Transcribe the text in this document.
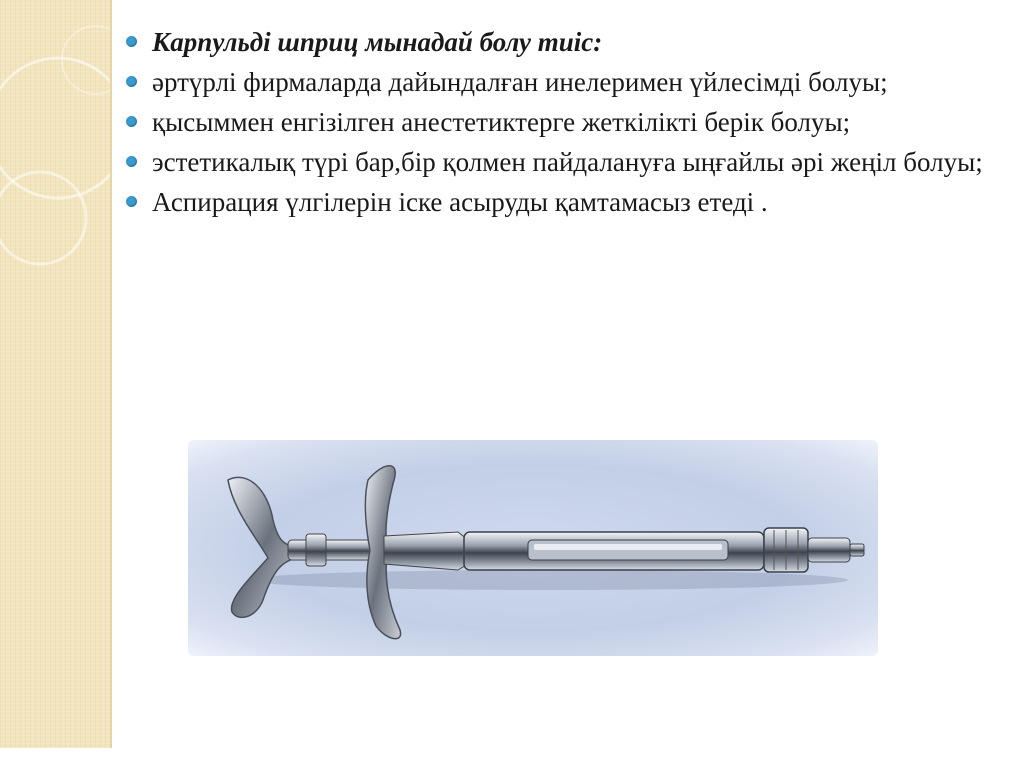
Карпульді шприц мынадай болу тиіс:
әртүрлі фирмаларда дайындалған инелеримен үйлесімді болуы;
қысыммен енгізілген анестетиктерге жеткілікті берік болуы;
эстетикалық түрі бар,бір қолмен пайдалануға ыңғайлы әрі жеңіл болуы;
Аспирация үлгілерін іске асыруды қамтамасыз етеді .
